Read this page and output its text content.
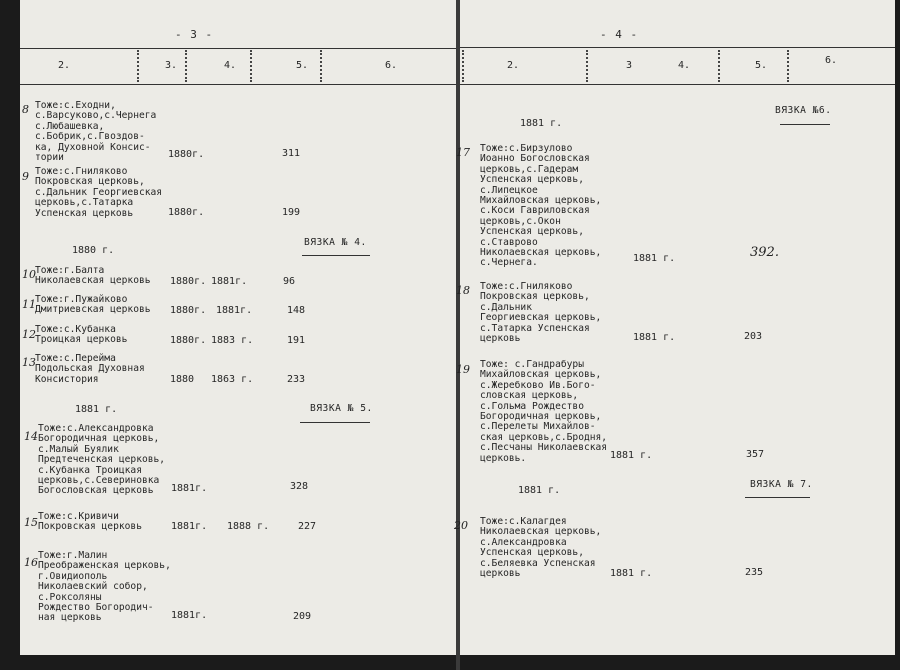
- 3 -
2.	3.	4.	5.	6.
8 Тоже:с.Еходни,
с.Варсуково,с.Чернега
с.Любашевка,
с.Бобрик,с.Гвоздов-
ка, Духовной Консис-
тории	1880г.	311
9 Тоже:с.Гниляково
Покровская церковь,
с.Дальник Георгиевская
церковь,с.Татарка
Успенская церковь	1880г.	199
ВЯЗКА № 4.
1880 г.
10 Тоже:г.Балта
Николаевская церковь 1880г. 1881г.	96
11 Тоже:г.Пужайково
Дмитриевская церковь 1880г. 1881г.	148
12 Тоже:с.Кубанка
Троицкая церковь	1880г. 1883 г.	191
13 Тоже:с.Перейма
Подольская Духовная
Консистория	1880 1863 г.	233
1881 г.	ВЯЗКА № 5.
14
Тоже:с.Александровка
Богородичная церковь,
с.Малый Буялик
Предтеченская церковь,
с.Кубанка Троицкая
церковь,с.Севериновка
Богословская церковь	1881г.	328
15 Тоже:с.Кривичи
Покровская церковь	1881г. 1888 г.	227
16
Тоже:г.Малин
Преображенская церковь,
г.Овидиополь
Николаевский собор,
с.Роксоляны
Рождество Богородич-
ная церковь	1881г.	209
- 4 -
2.	3	4.	5.	6.
ВЯЗКА №6.
1881 г.
17 Тоже:с.Бирзулово
Иоанно Богословская
церковь,с.Гадерам
Успенская церковь,
с.Липецкое
Михайловская церковь,
с.Коси Гавриловская
церковь,с.Окон
Успенская церковь,
с.Ставрово
Николаевская церковь,
с.Чернега.	1881 г.	392.
18 Тоже:с.Гниляково
Покровская церковь,
с.Дальник
Георгиевская церковь,
с.Татарка Успенская
церковь	1881 г.	203
19 Тоже: с.Гандрабуры
Михайловская церковь,
с.Жеребково Ив.Бого-
словская церковь,
с.Гольма Рождество
Богородичная церковь,
с.Перелеты Михайлов-
ская церковь,с.Бродня,
с.Песчаны Николаевская
церковь.	1881 г.	357
1881 г.
ВЯЗКА № 7.
20 Тоже:с.Калагдея
Николаевская церковь,
с.Александровка
Успенская церковь,
с.Беляевка Успенская
церковь	1881 г.	235
